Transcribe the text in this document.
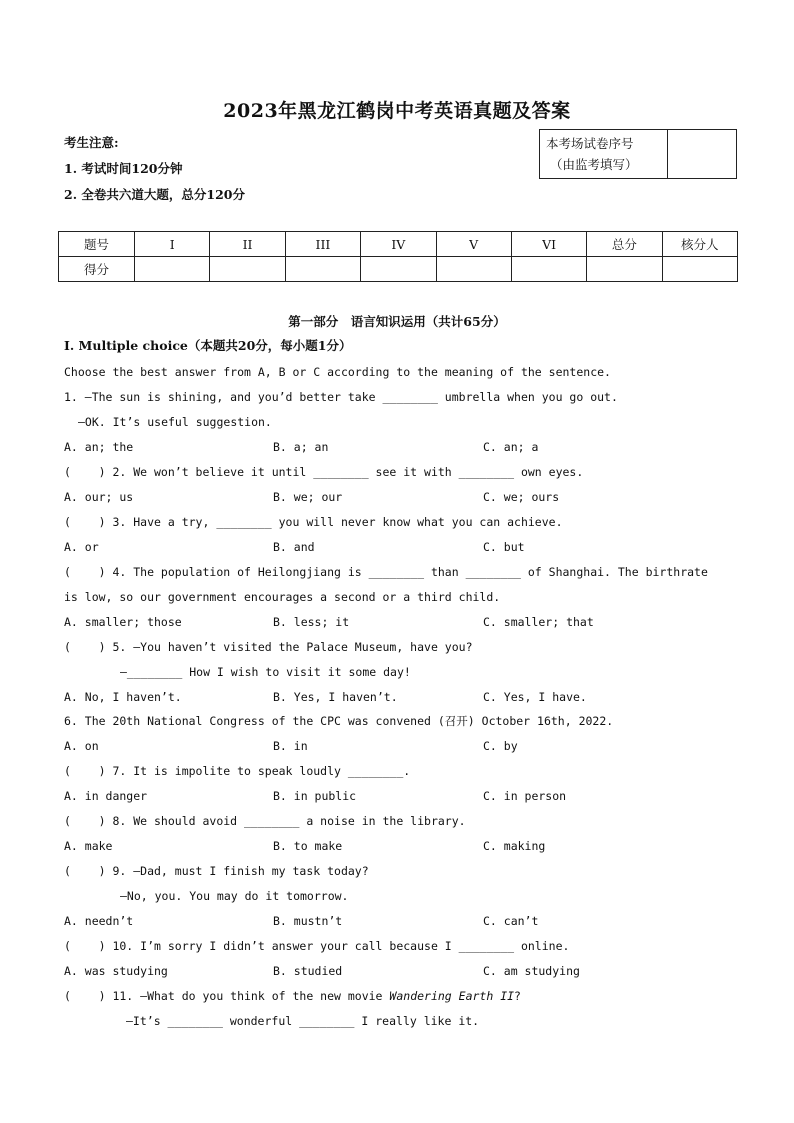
2023年黑龙江鹤岗中考英语真题及答案
考生注意:
1. 考试时间120分钟
2. 全卷共六道大题，总分120分
本考场试卷序号
（由监考填写）
题号	I	II	III	IV	V	VI	总分	核分人
得分								
第一部分　语言知识运用（共计65分）
Ⅰ. Multiple choice（本题共20分，每小题1分）
Choose the best answer from A, B or C according to the meaning of the sentence.
1. —The sun is shining, and you’d better take ________ umbrella when you go out.
—OK. It’s useful suggestion.
A. an; the	B. a; an	C. an; a
(    ) 2. We won’t believe it until ________ see it with ________ own eyes.
A. our; us	B. we; our	C. we; ours
(    ) 3. Have a try, ________ you will never know what you can achieve.
A. or	B. and	C. but
(    ) 4. The population of Heilongjiang is ________ than ________ of Shanghai. The birthrate
is low, so our government encourages a second or a third child.
A. smaller; those	B. less; it	C. smaller; that
(    ) 5. —You haven’t visited the Palace Museum, have you?
—________ How I wish to visit it some day!
A. No, I haven’t.	B. Yes, I haven’t.	C. Yes, I have.
6. The 20th National Congress of the CPC was convened (召开) October 16th, 2022.
A. on	B. in	C. by
(    ) 7. It is impolite to speak loudly ________.
A. in danger	B. in public	C. in person
(    ) 8. We should avoid ________ a noise in the library.
A. make	B. to make	C. making
(    ) 9. —Dad, must I finish my task today?
—No, you. You may do it tomorrow.
A. needn’t	B. mustn’t	C. can’t
(    ) 10. I’m sorry I didn’t answer your call because I ________ online.
A. was studying	B. studied	C. am studying
(    ) 11. —What do you think of the new movie Wandering Earth II?
—It’s ________ wonderful ________ I really like it.
